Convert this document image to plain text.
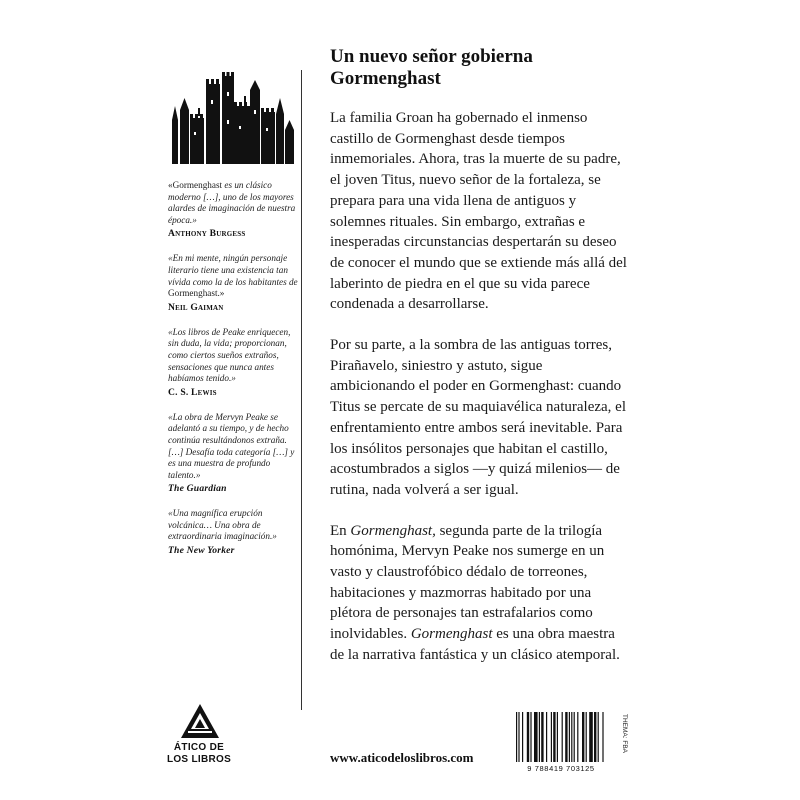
«Gormenghast es un clásico moderno […], uno de los mayores alardes de imaginación de nuestra época.»

Anthony Burgess

«En mi mente, ningún personaje literario tiene una existencia tan vívida como la de los habitantes de Gormenghast.»

Neil Gaiman

«Los libros de Peake enriquecen, sin duda, la vida; proporcionan, como ciertos sueños extraños, sensaciones que nunca antes habíamos tenido.»

C. S. Lewis

«La obra de Mervyn Peake se adelantó a su tiempo, y de hecho continúa resultándonos extraña. […] Desafía toda categoría […] y es una muestra de profundo talento.»

The Guardian

«Una magnífica erupción volcánica… Una obra de extraordinaria imaginación.»

The New Yorker

ÁTICO DE
LOS LIBROS
Un nuevo señor gobierna
Gormenghast

La familia Groan ha gobernado el inmenso castillo de Gormenghast desde tiempos inmemoriales. Ahora, tras la muerte de su padre, el joven Titus, nuevo señor de la fortaleza, se prepara para una vida llena de antiguos y solemnes rituales. Sin embargo, extrañas e inesperadas circunstancias despertarán su deseo de conocer el mundo que se extiende más allá del laberinto de piedra en el que su vida parece condenada a desarrollarse.

Por su parte, a la sombra de las antiguas torres, Pirañavelo, siniestro y astuto, sigue ambicionando el poder en Gormenghast: cuando Titus se percate de su maquiavélica naturaleza, el enfrentamiento entre ambos será inevitable. Para los insólitos personajes que habitan el castillo, acostumbrados a siglos —y quizá milenios— de rutina, nada volverá a ser igual.

En Gormenghast, segunda parte de la trilogía homónima, Mervyn Peake nos sumerge en un vasto y claustrofóbico dédalo de torreones, habitaciones y mazmorras habitado por una plétora de personajes tan estrafalarios como inolvidables. Gormenghast es una obra maestra de la narrativa fantástica y un clásico atemporal.

www.aticodeloslibros.com
9 788419 703125
THEMA: FBA
